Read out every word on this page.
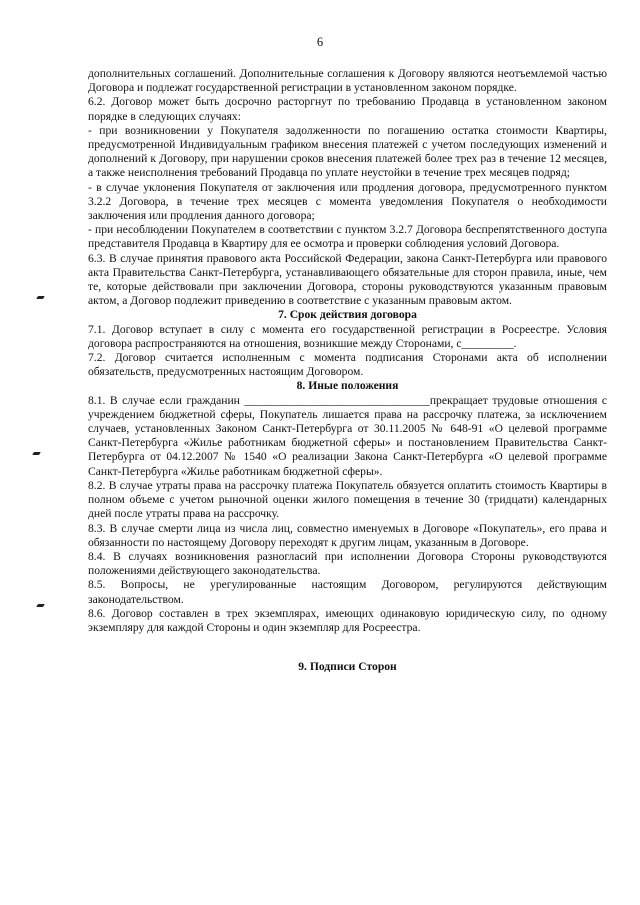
6

дополнительных соглашений. Дополнительные соглашения к Договору являются неотъемлемой частью Договора и подлежат государственной регистрации в установленном законом порядке.

6.2. Договор может быть досрочно расторгнут по требованию Продавца в установленном законом порядке в следующих случаях:

- при возникновении у Покупателя задолженности по погашению остатка стоимости Квартиры, предусмотренной Индивидуальным графиком внесения платежей с учетом последующих изменений и дополнений к Договору, при нарушении сроков внесения платежей более трех раз в течение 12 месяцев, а также неисполнения требований Продавца по уплате неустойки в течение трех месяцев подряд;

- в случае уклонения Покупателя от заключения или продления договора, предусмотренного пунктом 3.2.2 Договора, в течение трех месяцев с момента уведомления Покупателя о необходимости заключения или продления данного договора;

- при несоблюдении Покупателем в соответствии с пунктом 3.2.7 Договора беспрепятственного доступа представителя Продавца в Квартиру для ее осмотра и проверки соблюдения условий Договора.

6.3. В случае принятия правового акта Российской Федерации, закона Санкт-Петербурга или правового акта Правительства Санкт-Петербурга, устанавливающего обязательные для сторон правила, иные, чем те, которые действовали при заключении Договора, стороны руководствуются указанным правовым актом, а Договор подлежит приведению в соответствие с указанным правовым актом.

7. Срок действия договора

7.1. Договор вступает в силу с момента его государственной регистрации в Росреестре. Условия договора распространяются на отношения, возникшие между Сторонами, с_________.

7.2. Договор считается исполненным с момента подписания Сторонами акта об исполнении обязательств, предусмотренных настоящим Договором.

8. Иные положения

8.1. В случае если гражданин ________________________________прекращает трудовые отношения с учреждением бюджетной сферы, Покупатель лишается права на рассрочку платежа, за исключением случаев, установленных Законом Санкт-Петербурга от 30.11.2005 № 648-91 «О целевой программе Санкт-Петербурга «Жилье работникам бюджетной сферы» и постановлением Правительства Санкт-Петербурга от 04.12.2007 № 1540 «О реализации Закона Санкт-Петербурга «О целевой программе Санкт-Петербурга «Жилье работникам бюджетной сферы».

8.2. В случае утраты права на рассрочку платежа Покупатель обязуется оплатить стоимость Квартиры в полном объеме с учетом рыночной оценки жилого помещения в течение 30 (тридцати) календарных дней после утраты права на рассрочку.

8.3. В случае смерти лица из числа лиц, совместно именуемых в Договоре «Покупатель», его права и обязанности по настоящему Договору переходят к другим лицам, указанным в Договоре.

8.4. В случаях возникновения разногласий при исполнении Договора Стороны руководствуются положениями действующего законодательства.

8.5. Вопросы, не урегулированные настоящим Договором, регулируются действующим законодательством.

8.6. Договор составлен в трех экземплярах, имеющих одинаковую юридическую силу, по одному экземпляру для каждой Стороны и один экземпляр для Росреестра.

9. Подписи Сторон
